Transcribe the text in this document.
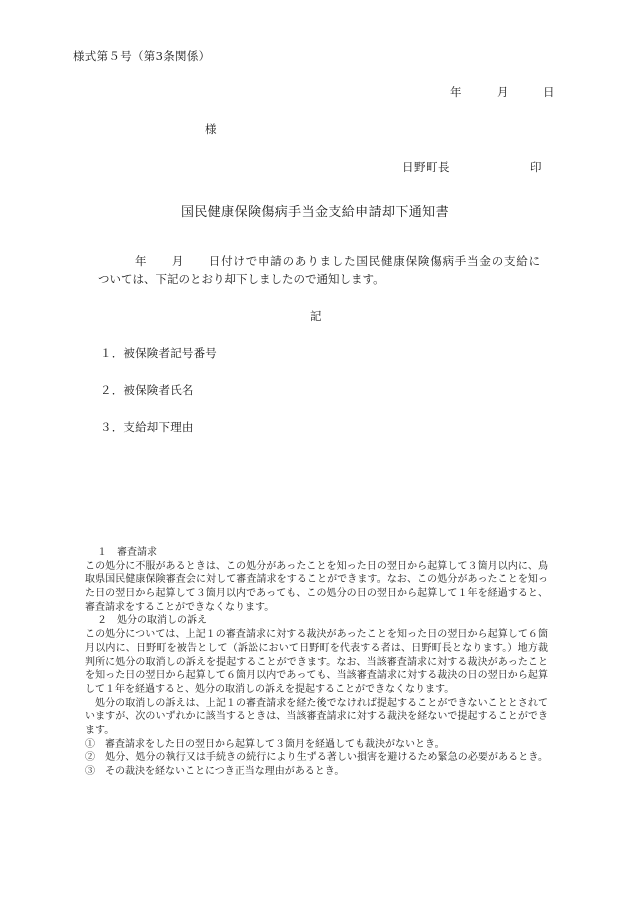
様式第５号（第3条関係）
年	月	日
様
日野町長	印
国民健康保険傷病手当金支給申請却下通知書
年　　月　　日付けで申請のありました国民健康保険傷病手当金の支給に
ついては、下記のとおり却下しましたので通知します。
記
１．被保険者記号番号
２．被保険者氏名
３．支給却下理由
１　審査請求
この処分に不服があるときは、この処分があったことを知った日の翌日から起算して３箇月以内に、鳥
取県国民健康保険審査会に対して審査請求をすることができます。なお、この処分があったことを知っ
た日の翌日から起算して３箇月以内であっても、この処分の日の翌日から起算して１年を経過すると、
審査請求をすることができなくなります。
２　処分の取消しの訴え
この処分については、上記１の審査請求に対する裁決があったことを知った日の翌日から起算して６箇
月以内に、日野町を被告として（訴訟において日野町を代表する者は、日野町長となります。）地方裁
判所に処分の取消しの訴えを提起することができます。なお、当該審査請求に対する裁決があったこと
を知った日の翌日から起算して６箇月以内であっても、当該審査請求に対する裁決の日の翌日から起算
して１年を経過すると、処分の取消しの訴えを提起することができなくなります。
処分の取消しの訴えは、上記１の審査請求を経た後でなければ提起することができないこととされて
いますが、次のいずれかに該当するときは、当該審査請求に対する裁決を経ないで提起することができ
ます。
①　審査請求をした日の翌日から起算して３箇月を経過しても裁決がないとき。
②　処分、処分の執行又は手続きの続行により生ずる著しい損害を避けるため緊急の必要があるとき。
③　その裁決を経ないことにつき正当な理由があるとき。
